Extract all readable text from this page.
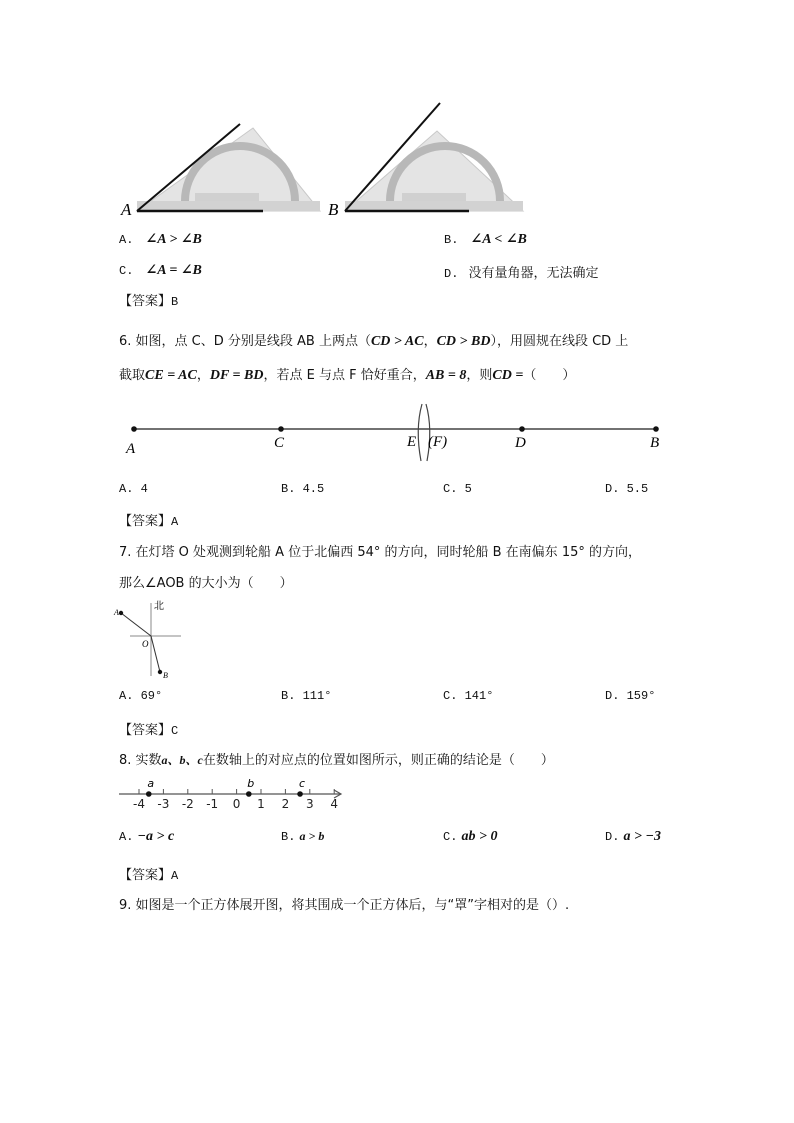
A	B
A. ∠A > ∠B	B. ∠A < ∠B
C. ∠A = ∠B	D. 没有量角器，无法确定
【答案】B
6. 如图，点 C、D 分别是线段 AB 上两点（CD > AC，CD > BD），用圆规在线段 CD 上
截取CE = AC，DF = BD，若点 E 与点 F 恰好重合，AB = 8，则CD =（　　）
A	C	E (F)	D	B
A. 4	B. 4.5	C. 5	D. 5.5
【答案】A
7. 在灯塔 O 处观测到轮船 A 位于北偏西 54° 的方向，同时轮船 B 在南偏东 15° 的方向，
那么∠AOB 的大小为（　　）
北
A
O
B
A. 69°	B. 111°	C. 141°	D. 159°
【答案】C
8. 实数a、b、c在数轴上的对应点的位置如图所示，则正确的结论是（　　）
-4 -3 -2 -1 0 1 2 3 4
a	b	c
A. −a > c	B. a > b	C. ab > 0	D. a > −3
【答案】A
9. 如图是一个正方体展开图，将其围成一个正方体后，与“罩”字相对的是（）.
